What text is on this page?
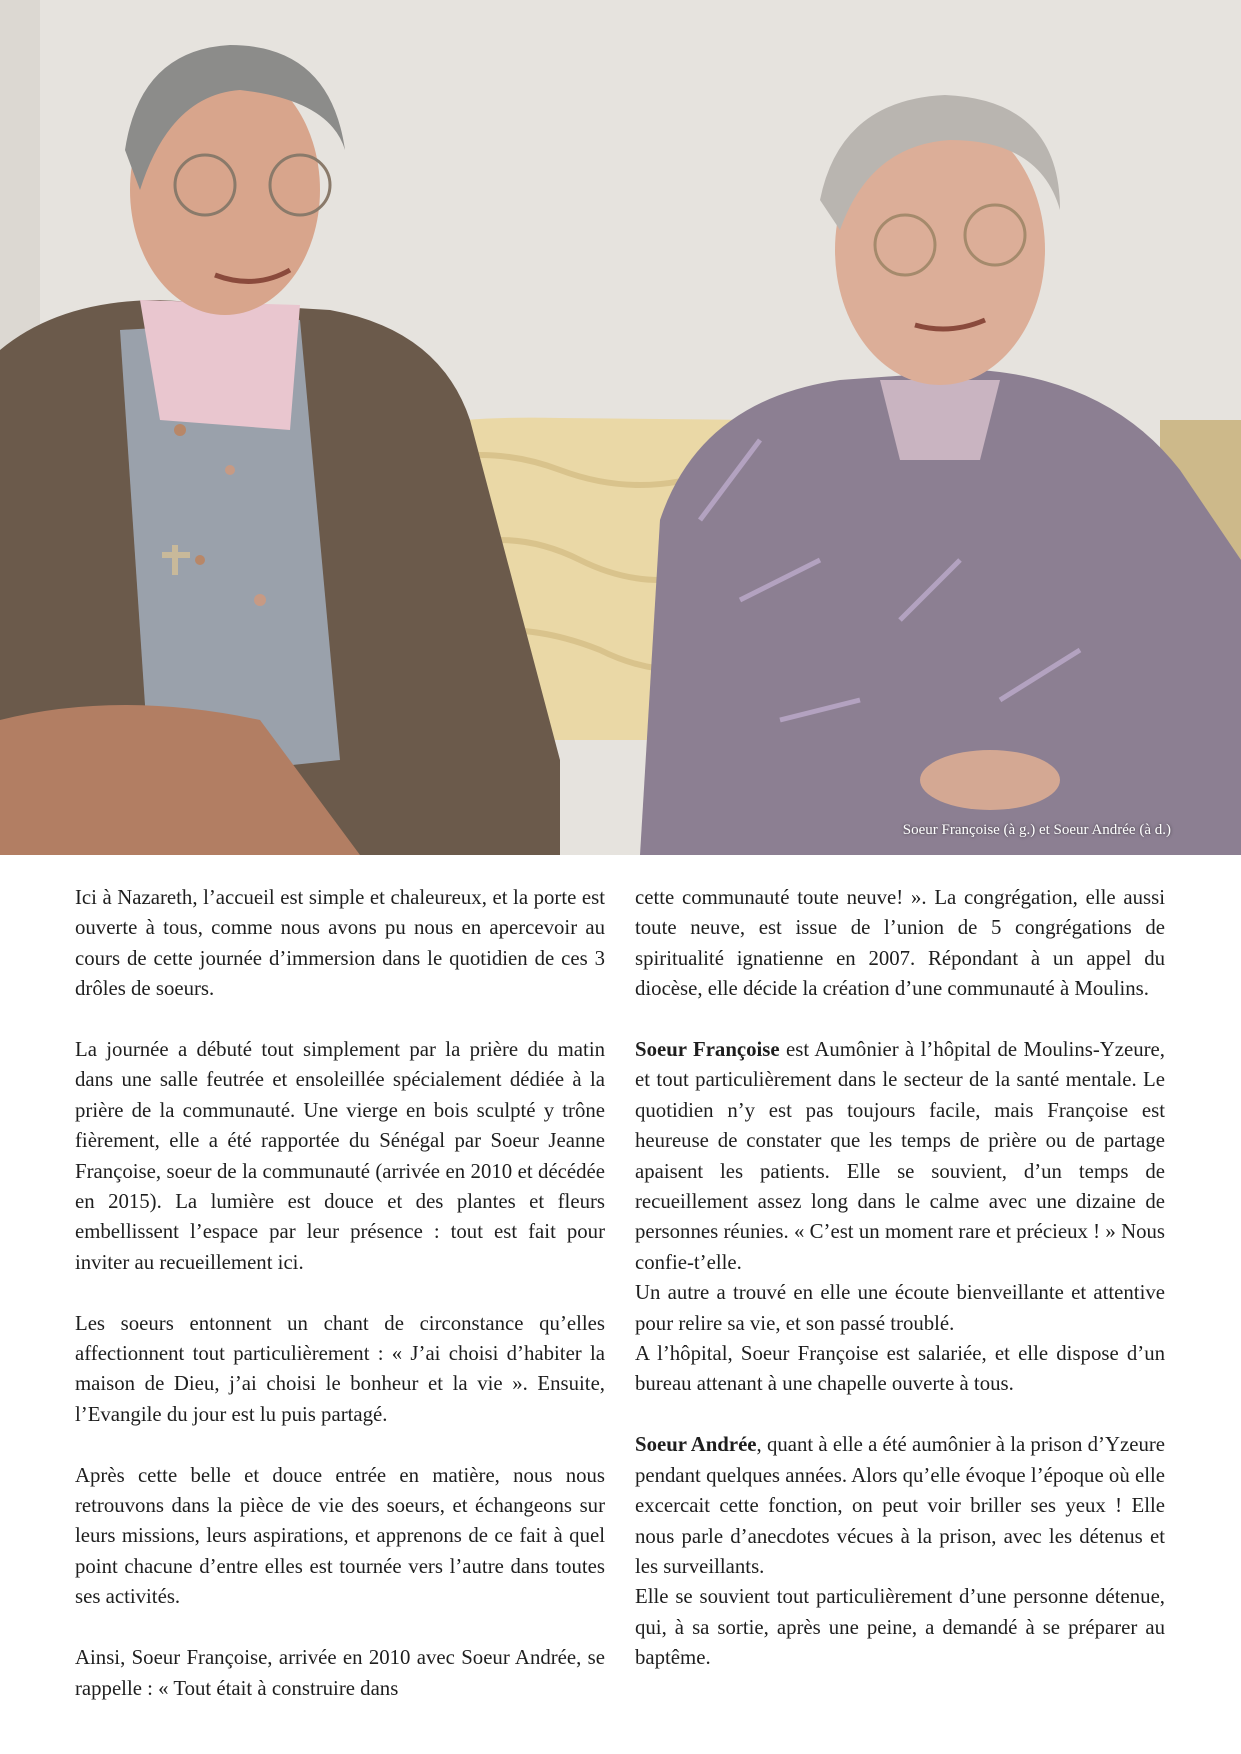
Soeur Françoise (à g.) et Soeur Andrée (à d.)

Ici à Nazareth, l’accueil est simple et chaleureux, et la porte est ouverte à tous, comme nous avons pu nous en apercevoir au cours de cette journée d’immersion dans le quotidien de ces 3 drôles de soeurs.

La journée a débuté tout simplement par la prière du matin dans une salle feutrée et ensoleillée spécialement dédiée à la prière de la communauté. Une vierge en bois sculpté y trône fièrement, elle a été rapportée du Sénégal par Soeur Jeanne Françoise, soeur de la communauté (arrivée en 2010 et décédée en 2015). La lumière est douce et des plantes et fleurs embellissent l’espace par leur présence : tout est fait pour inviter au recueillement ici.

Les soeurs entonnent un chant de circonstance qu’elles affectionnent tout particulièrement : « J’ai choisi d’habiter la maison de Dieu, j’ai choisi le bonheur et la vie ». Ensuite, l’Evangile du jour est lu puis partagé.

Après cette belle et douce entrée en matière, nous nous retrouvons dans la pièce de vie des soeurs, et échangeons sur leurs missions, leurs aspirations, et apprenons de ce fait à quel point chacune d’entre elles est tournée vers l’autre dans toutes ses activités.

Ainsi, Soeur Françoise, arrivée en 2010 avec Soeur Andrée, se rappelle : « Tout était à construire dans

cette communauté toute neuve! ». La congrégation, elle aussi toute neuve, est issue de l’union de 5 congrégations de spiritualité ignatienne en 2007. Répondant à un appel du diocèse, elle décide la création d’une communauté à Moulins.

Soeur Françoise est Aumônier à l’hôpital de Moulins-Yzeure, et tout particulièrement dans le secteur de la santé mentale. Le quotidien n’y est pas toujours facile, mais Françoise est heureuse de constater que les temps de prière ou de partage apaisent les patients. Elle se souvient, d’un temps de recueillement assez long dans le calme avec une dizaine de personnes réunies. « C’est un moment rare et précieux ! » Nous confie-t’elle.

Un autre a trouvé en elle une écoute bienveillante et attentive pour relire sa vie, et son passé troublé.

A l’hôpital, Soeur Françoise est salariée, et elle dispose d’un bureau attenant à une chapelle ouverte à tous.

Soeur Andrée, quant à elle a été aumônier à la prison d’Yzeure pendant quelques années. Alors qu’elle évoque l’époque où elle excercait cette fonction, on peut voir briller ses yeux ! Elle nous parle d’anecdotes vécues à la prison, avec les détenus et les surveillants.

Elle se souvient tout particulièrement d’une personne détenue, qui, à sa sortie, après une peine, a demandé à se préparer au baptême.
